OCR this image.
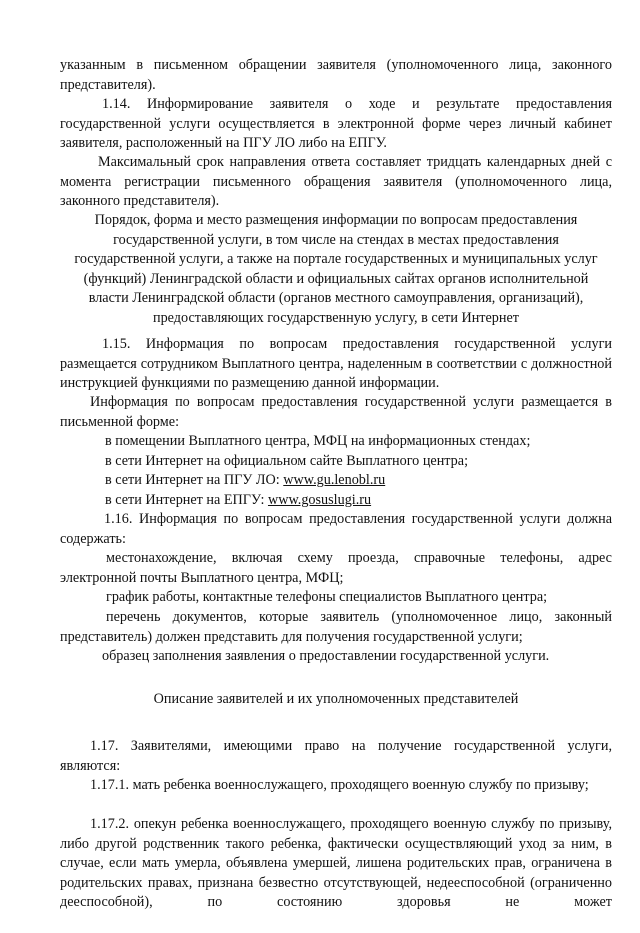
указанным в письменном обращении заявителя (уполномоченного лица, законного представителя).

1.14. Информирование заявителя о ходе и результате предоставления государственной услуги осуществляется в электронной форме через личный кабинет заявителя, расположенный на ПГУ ЛО либо на ЕПГУ.

Максимальный срок направления ответа составляет тридцать календарных дней с момента регистрации письменного обращения заявителя (уполномоченного лица, законного представителя).

Порядок, форма и место размещения информации по вопросам предоставления
государственной услуги, в том числе на стендах в местах предоставления
государственной услуги, а также на портале государственных и муниципальных услуг
(функций) Ленинградской области и официальных сайтах органов исполнительной
власти Ленинградской области (органов местного самоуправления, организаций),
предоставляющих государственную услугу, в сети Интернет

1.15. Информация по вопросам предоставления государственной услуги размещается сотрудником Выплатного центра, наделенным в соответствии с должностной инструкцией функциями по размещению данной информации.

Информация по вопросам предоставления государственной услуги размещается в письменной форме:

в помещении Выплатного центра, МФЦ на информационных стендах;
в сети Интернет на официальном сайте Выплатного центра;
в сети Интернет на ПГУ ЛО: www.gu.lenobl.ru
в сети Интернет на ЕПГУ: www.gosuslugi.ru

1.16. Информация по вопросам предоставления государственной услуги должна содержать:

местонахождение, включая схему проезда, справочные телефоны, адрес электронной почты Выплатного центра, МФЦ;

график работы, контактные телефоны специалистов Выплатного центра;

перечень документов, которые заявитель (уполномоченное лицо, законный представитель) должен представить для получения государственной услуги;

образец заполнения заявления о предоставлении государственной услуги.

Описание заявителей и их уполномоченных представителей

1.17. Заявителями, имеющими право на получение государственной услуги, являются:

1.17.1. мать ребенка военнослужащего, проходящего военную службу по призыву;

1.17.2. опекун ребенка военнослужащего, проходящего военную службу по призыву, либо другой родственник такого ребенка, фактически осуществляющий уход за ним, в случае, если мать умерла, объявлена умершей, лишена родительских прав, ограничена в родительских правах, признана безвестно отсутствующей, недееспособной (ограниченно дееспособной), по состоянию здоровья не может
